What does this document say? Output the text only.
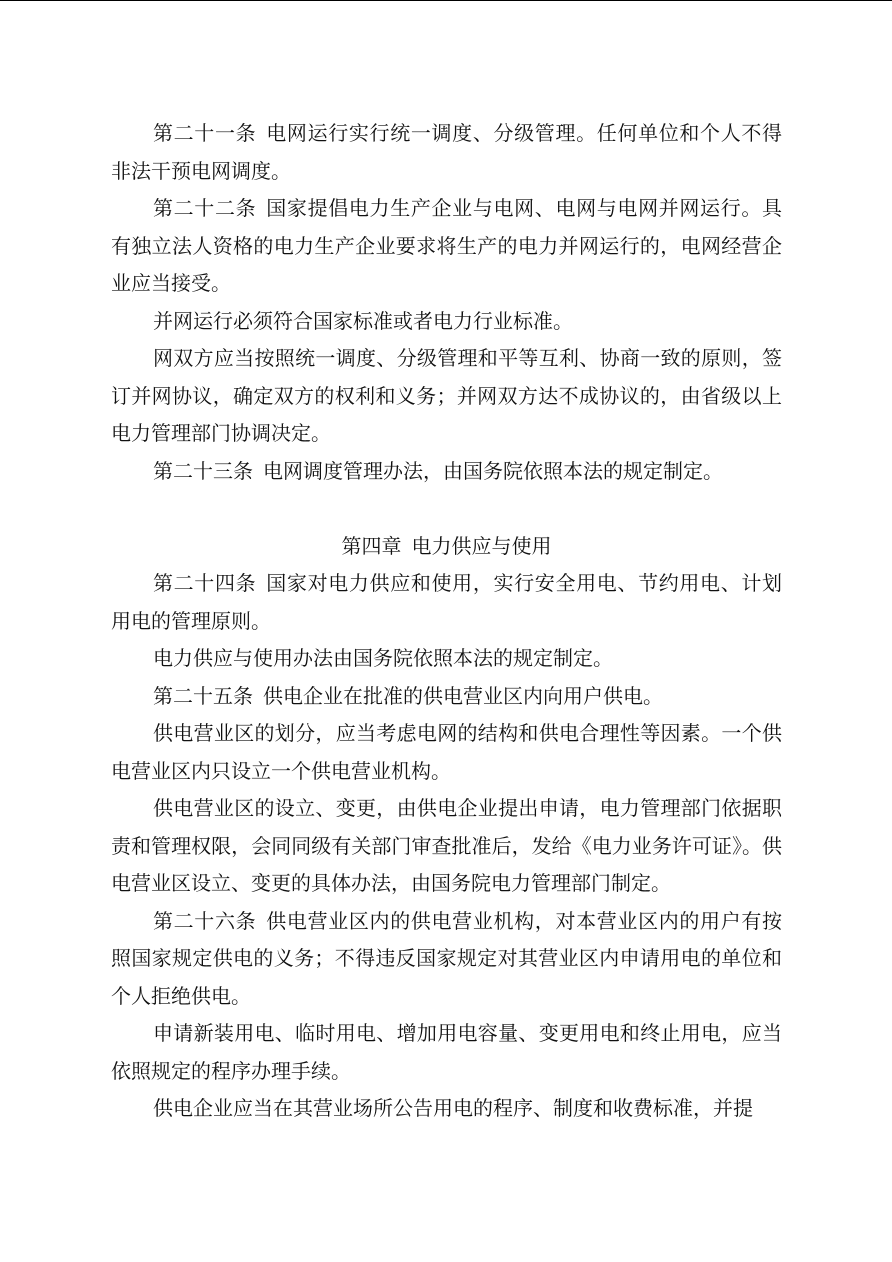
第二十一条 电网运行实行统一调度、分级管理。任何单位和个人不得非法干预电网调度。

第二十二条 国家提倡电力生产企业与电网、电网与电网并网运行。具有独立法人资格的电力生产企业要求将生产的电力并网运行的，电网经营企业应当接受。

并网运行必须符合国家标准或者电力行业标准。

网双方应当按照统一调度、分级管理和平等互利、协商一致的原则，签订并网协议，确定双方的权利和义务；并网双方达不成协议的，由省级以上电力管理部门协调决定。

第二十三条 电网调度管理办法，由国务院依照本法的规定制定。

第四章 电力供应与使用

第二十四条 国家对电力供应和使用，实行安全用电、节约用电、计划用电的管理原则。

电力供应与使用办法由国务院依照本法的规定制定。

第二十五条 供电企业在批准的供电营业区内向用户供电。

供电营业区的划分，应当考虑电网的结构和供电合理性等因素。一个供电营业区内只设立一个供电营业机构。

供电营业区的设立、变更，由供电企业提出申请，电力管理部门依据职责和管理权限，会同同级有关部门审查批准后，发给《电力业务许可证》。供电营业区设立、变更的具体办法，由国务院电力管理部门制定。

第二十六条 供电营业区内的供电营业机构，对本营业区内的用户有按照国家规定供电的义务；不得违反国家规定对其营业区内申请用电的单位和个人拒绝供电。

申请新装用电、临时用电、增加用电容量、变更用电和终止用电，应当依照规定的程序办理手续。

供电企业应当在其营业场所公告用电的程序、制度和收费标准，并提
